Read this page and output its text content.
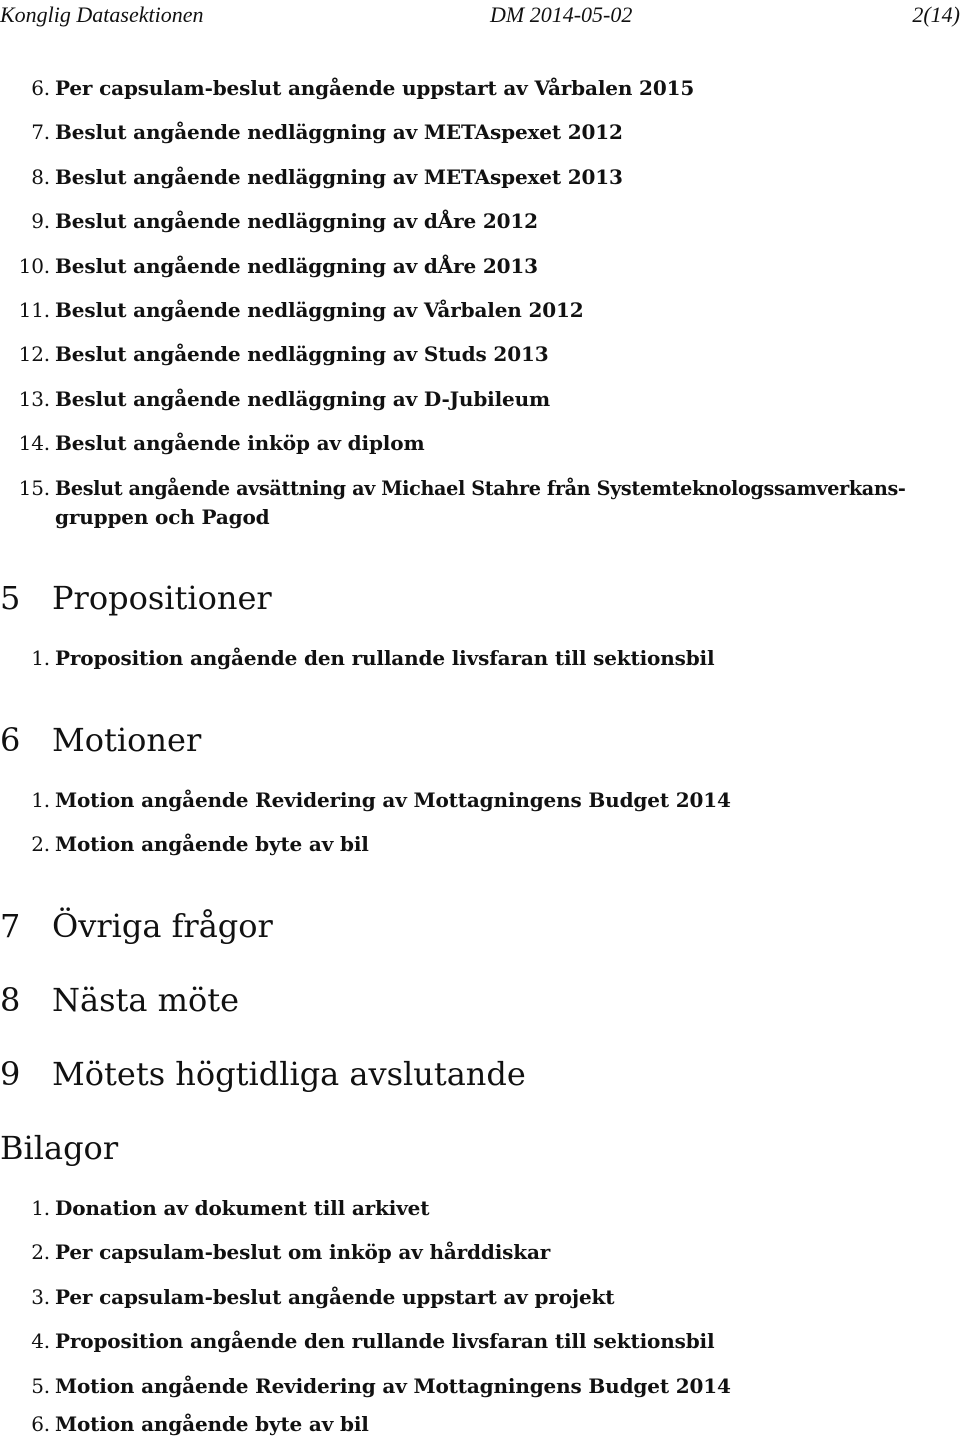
Konglig Datasektionen	DM 2014-05-02	2(14)
6. Per capsulam-beslut angående uppstart av Vårbalen 2015
7. Beslut angående nedläggning av METAspexet 2012
8. Beslut angående nedläggning av METAspexet 2013
9. Beslut angående nedläggning av dÅre 2012
10. Beslut angående nedläggning av dÅre 2013
11. Beslut angående nedläggning av Vårbalen 2012
12. Beslut angående nedläggning av Studs 2013
13. Beslut angående nedläggning av D-Jubileum
14. Beslut angående inköp av diplom
15. Beslut angående avsättning av Michael Stahre från Systemteknologssamverkans-
gruppen och Pagod
5 Propositioner
1. Proposition angående den rullande livsfaran till sektionsbil
6 Motioner
1. Motion angående Revidering av Mottagningens Budget 2014
2. Motion angående byte av bil
7 Övriga frågor
8 Nästa möte
9 Mötets högtidliga avslutande
Bilagor
1. Donation av dokument till arkivet
2. Per capsulam-beslut om inköp av hårddiskar
3. Per capsulam-beslut angående uppstart av projekt
4. Proposition angående den rullande livsfaran till sektionsbil
5. Motion angående Revidering av Mottagningens Budget 2014
6. Motion angående byte av bil
